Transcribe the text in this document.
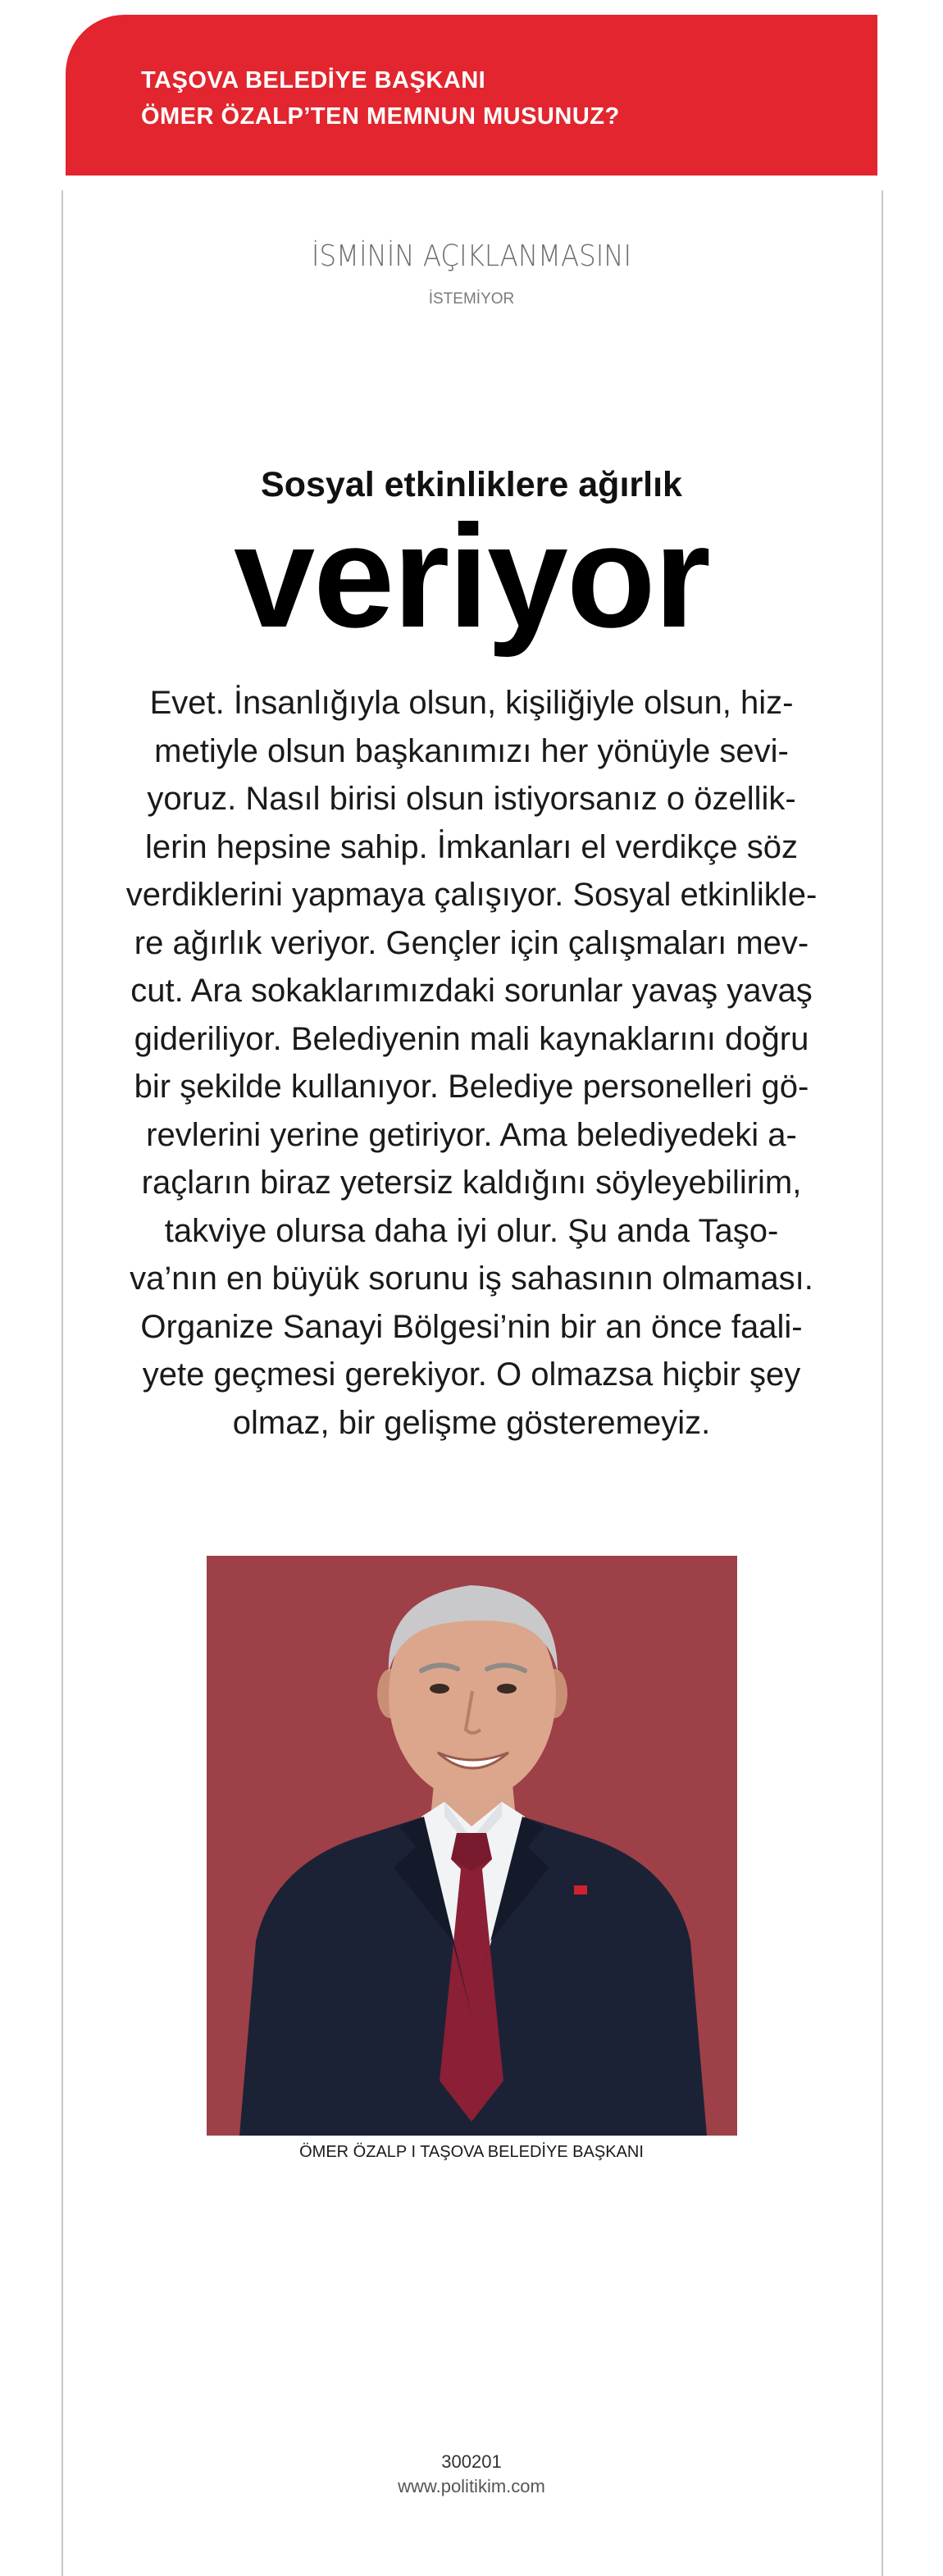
TAŞOVA BELEDİYE BAŞKANI
ÖMER ÖZALP’TEN MEMNUN MUSUNUZ?
İSMİNİN AÇIKLANMASINI
İSTEMİYOR
Sosyal etkinliklere ağırlık
veriyor

Evet. İnsanlığıyla olsun, kişiliğiyle olsun, hiz-
metiyle olsun başkanımızı her yönüyle sevi-
yoruz. Nasıl birisi olsun istiyorsanız o özellik-
lerin hepsine sahip. İmkanları el verdikçe söz
verdiklerini yapmaya çalışıyor. Sosyal etkinlikle-
re ağırlık veriyor. Gençler için çalışmaları mev-
cut. Ara sokaklarımızdaki sorunlar yavaş yavaş
gideriliyor. Belediyenin mali kaynaklarını doğru
bir şekilde kullanıyor. Belediye personelleri gö-
revlerini yerine getiriyor. Ama belediyedeki a-
raçların biraz yetersiz kaldığını söyleyebilirim,
takviye olursa daha iyi olur. Şu anda Taşo-
va’nın en büyük sorunu iş sahasının olmaması.
Organize Sanayi Bölgesi’nin bir an önce faali-
yete geçmesi gerekiyor. O olmazsa hiçbir şey
olmaz, bir gelişme gösteremeyiz.

ÖMER ÖZALP I TAŞOVA BELEDİYE BAŞKANI
300201
www.politikim.com
